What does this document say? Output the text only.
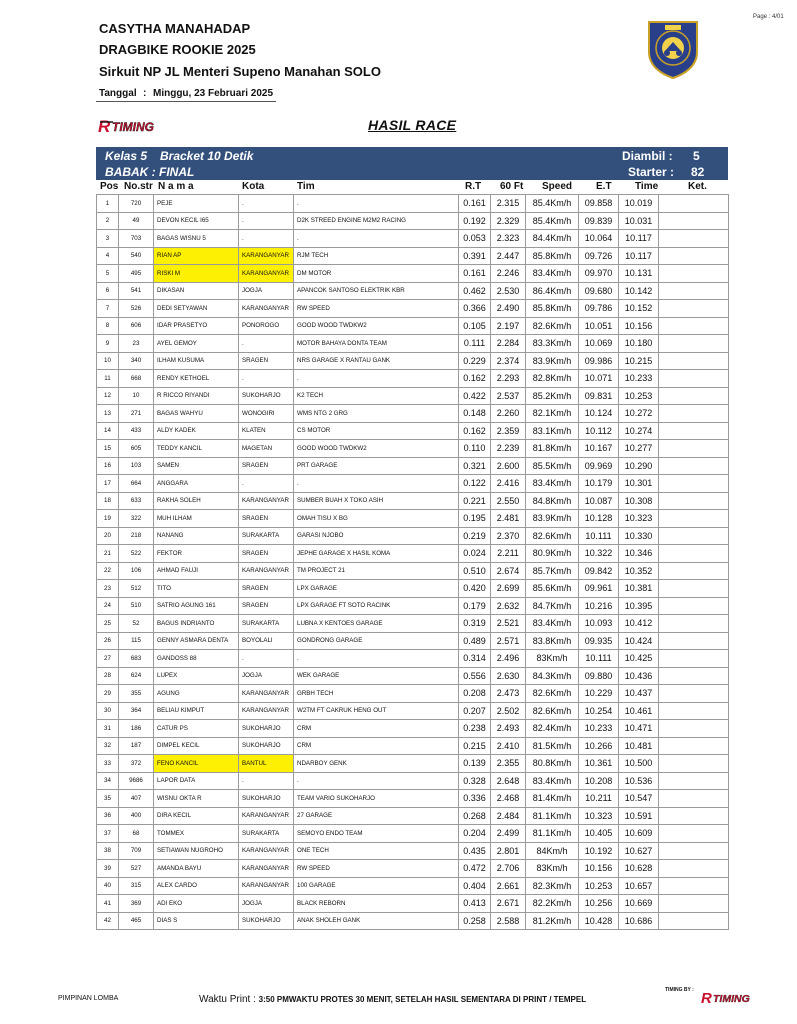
Page : 4/01
CASYTHA MANAHADAP
DRAGBIKE ROOKIE 2025
Sirkuit NP JL Menteri Supeno Manahan SOLO
Tanggal : Minggu, 23 Februari 2025
R TIMING	HASIL RACE
Kelas 5 Bracket 10 Detik
BABAK : FINAL
Diambil : 5
Starter : 82
Pos No.str N a m a	Kota	Tim	R.T 60 Ft Speed E.T Time	Ket.
1	720	PEJE	.	.	0.161	2.315	85.4Km/h	09.858	10.019	
2	49	DEVON KECIL I65	.	D2K STREED ENGINE M2M2 RACING	0.192	2.329	85.4Km/h	09.839	10.031	
3	703	BAGAS WISNU 5	.	.	0.053	2.323	84.4Km/h	10.064	10.117	
4	540	RIAN AP	KARANGANYAR	RJM TECH	0.391	2.447	85.8Km/h	09.726	10.117	
5	495	RISKI M	KARANGANYAR	DM MOTOR	0.161	2.246	83.4Km/h	09.970	10.131	
6	541	DIKASAN	JOGJA	APANCOK SANTOSO ELEKTRIK KBR	0.462	2.530	86.4Km/h	09.680	10.142	
7	526	DEDI SETYAWAN	KARANGANYAR	RW SPEED	0.366	2.490	85.8Km/h	09.786	10.152	
8	606	IDAR PRASETYO	PONOROGO	GOOD WOOD TWDKW2	0.105	2.197	82.6Km/h	10.051	10.156	
9	23	AYEL GEMOY	.	MOTOR BAHAYA DONTA TEAM	0.111	2.284	83.3Km/h	10.069	10.180	
10	340	ILHAM KUSUMA	SRAGEN	NRS GARAGE X RANTAU GANK	0.229	2.374	83.9Km/h	09.986	10.215	
11	668	RENDY KETHOEL	.	.	0.162	2.293	82.8Km/h	10.071	10.233	
12	10	R RICCO RIYANDI	SUKOHARJO	K2 TECH	0.422	2.537	85.2Km/h	09.831	10.253	
13	271	BAGAS WAHYU	WONOGIRI	WMS NTG 2 GRG	0.148	2.260	82.1Km/h	10.124	10.272	
14	433	ALDY KADEK	KLATEN	CS MOTOR	0.162	2.359	83.1Km/h	10.112	10.274	
15	605	TEDDY KANCIL	MAGETAN	GOOD WOOD TWDKW2	0.110	2.239	81.8Km/h	10.167	10.277	
16	103	SAMEN	SRAGEN	PRT GARAGE	0.321	2.600	85.5Km/h	09.969	10.290	
17	664	ANGGARA	.	.	0.122	2.416	83.4Km/h	10.179	10.301	
18	633	RAKHA SOLEH	KARANGANYAR	SUMBER BUAH X TOKO ASIH	0.221	2.550	84.8Km/h	10.087	10.308	
19	322	MUH ILHAM	SRAGEN	OMAH TISU X BG	0.195	2.481	83.9Km/h	10.128	10.323	
20	218	NANANG	SURAKARTA	GARASI NJOBO	0.219	2.370	82.6Km/h	10.111	10.330	
21	522	FEKTOR	SRAGEN	JEPHE GARAGE X HASIL KOMA	0.024	2.211	80.9Km/h	10.322	10.346	
22	106	AHMAD FAUJI	KARANGANYAR	TM PROJECT 21	0.510	2.674	85.7Km/h	09.842	10.352	
23	512	TITO	SRAGEN	LPX GARAGE	0.420	2.699	85.6Km/h	09.961	10.381	
24	510	SATRIO AGUNG 161	SRAGEN	LPX GARAGE FT SOTO RACINK	0.179	2.632	84.7Km/h	10.216	10.395	
25	52	BAGUS INDRIANTO	SURAKARTA	LUBNA X KENTOES GARAGE	0.319	2.521	83.4Km/h	10.093	10.412	
26	115	GENNY ASMARA DENTA	BOYOLALI	GONDRONG GARAGE	0.489	2.571	83.8Km/h	09.935	10.424	
27	683	GANDOSS 88	.	.	0.314	2.496	83Km/h	10.111	10.425	
28	624	LUPEX	JOGJA	WEK GARAGE	0.556	2.630	84.3Km/h	09.880	10.436	
29	355	AGUNG	KARANGANYAR	GRBH TECH	0.208	2.473	82.6Km/h	10.229	10.437	
30	364	BELIAU KIMPUT	KARANGANYAR	W2TM FT CAKRUK HENG OUT	0.207	2.502	82.6Km/h	10.254	10.461	
31	186	CATUR PS	SUKOHARJO	CRM	0.238	2.493	82.4Km/h	10.233	10.471	
32	187	DIMPEL KECIL	SUKOHARJO	CRM	0.215	2.410	81.5Km/h	10.266	10.481	
33	372	FENO KANCIL	BANTUL	NDARBOY GENK	0.139	2.355	80.8Km/h	10.361	10.500	
34	9686	LAPOR DATA	.	.	0.328	2.648	83.4Km/h	10.208	10.536	
35	407	WISNU OKTA R	SUKOHARJO	TEAM VARIO SUKOHARJO	0.336	2.468	81.4Km/h	10.211	10.547	
36	400	DIRA KECIL	KARANGANYAR	27 GARAGE	0.268	2.484	81.1Km/h	10.323	10.591	
37	68	TOMMEX	SURAKARTA	SEMOYO ENDO TEAM	0.204	2.499	81.1Km/h	10.405	10.609	
38	709	SETIAWAN NUGROHO	KARANGANYAR	ONE TECH	0.435	2.801	84Km/h	10.192	10.627	
39	527	AMANDA BAYU	KARANGANYAR	RW SPEED	0.472	2.706	83Km/h	10.156	10.628	
40	315	ALEX CARDO	KARANGANYAR	100 GARAGE	0.404	2.661	82.3Km/h	10.253	10.657	
41	369	ADI EKO	JOGJA	BLACK REBORN	0.413	2.671	82.2Km/h	10.256	10.669	
42	465	DIAS S	SUKOHARJO	ANAK SHOLEH GANK	0.258	2.588	81.2Km/h	10.428	10.686	
PIMPINAN LOMBA	Waktu Print : 3:50 PMWAKTU PROTES 30 MENIT, SETELAH HASIL SEMENTARA DI PRINT / TEMPEL
TIMING BY : R TIMING
